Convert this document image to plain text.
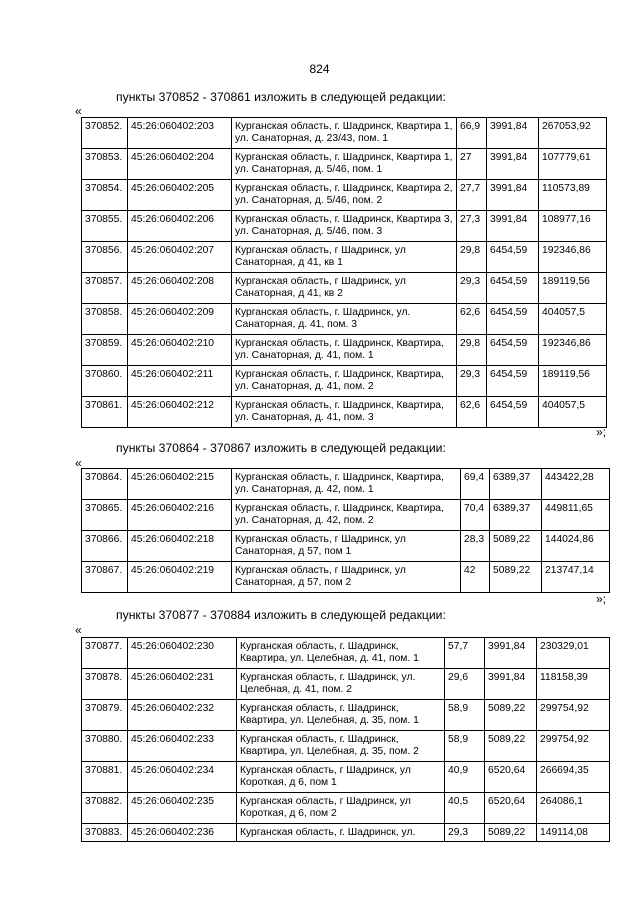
824
пункты 370852 - 370861 изложить в следующей редакции:
«
370852.	45:26:060402:203	Курганская область, г. Шадринск, Квартира 1, ул. Санаторная, д. 23/43, пом. 1	66,9	3991,84	267053,92
370853.	45:26:060402:204	Курганская область, г. Шадринск, Квартира 1, ул. Санаторная, д. 5/46, пом. 1	27	3991,84	107779,61
370854.	45:26:060402:205	Курганская область, г. Шадринск, Квартира 2, ул. Санаторная, д. 5/46, пом. 2	27,7	3991,84	110573,89
370855.	45:26:060402:206	Курганская область, г. Шадринск, Квартира 3, ул. Санаторная, д. 5/46, пом. 3	27,3	3991,84	108977,16
370856.	45:26:060402:207	Курганская область, г Шадринск, ул Санаторная, д 41, кв 1	29,8	6454,59	192346,86
370857.	45:26:060402:208	Курганская область, г Шадринск, ул Санаторная, д 41, кв 2	29,3	6454,59	189119,56
370858.	45:26:060402:209	Курганская область, г. Шадринск, ул. Санаторная, д. 41, пом. 3	62,6	6454,59	404057,5
370859.	45:26:060402:210	Курганская область, г. Шадринск, Квартира, ул. Санаторная, д. 41, пом. 1	29,8	6454,59	192346,86
370860.	45:26:060402:211	Курганская область, г. Шадринск, Квартира, ул. Санаторная, д. 41, пом. 2	29,3	6454,59	189119,56
370861.	45:26:060402:212	Курганская область, г. Шадринск, Квартира, ул. Санаторная, д. 41, пом. 3	62,6	6454,59	404057,5
»;
пункты 370864 - 370867 изложить в следующей редакции:
«
370864.	45:26:060402:215	Курганская область, г. Шадринск, Квартира, ул. Санаторная, д. 42, пом. 1	69,4	6389,37	443422,28
370865.	45:26:060402:216	Курганская область, г. Шадринск, Квартира, ул. Санаторная, д. 42, пом. 2	70,4	6389,37	449811,65
370866.	45:26:060402:218	Курганская область, г Шадринск, ул Санаторная, д 57, пом 1	28,3	5089,22	144024,86
370867.	45:26:060402:219	Курганская область, г Шадринск, ул Санаторная, д 57, пом 2	42	5089,22	213747,14
»;
пункты 370877 - 370884 изложить в следующей редакции:
«
370877.	45:26:060402:230	Курганская область, г. Шадринск, Квартира, ул. Целебная, д. 41, пом. 1	57,7	3991,84	230329,01
370878.	45:26:060402:231	Курганская область, г. Шадринск, ул. Целебная, д. 41, пом. 2	29,6	3991,84	118158,39
370879.	45:26:060402:232	Курганская область, г. Шадринск, Квартира, ул. Целебная, д. 35, пом. 1	58,9	5089,22	299754,92
370880.	45:26:060402:233	Курганская область, г. Шадринск, Квартира, ул. Целебная, д. 35, пом. 2	58,9	5089,22	299754,92
370881.	45:26:060402:234	Курганская область, г Шадринск, ул Короткая, д 6, пом 1	40,9	6520,64	266694,35
370882.	45:26:060402:235	Курганская область, г Шадринск, ул Короткая, д 6, пом 2	40,5	6520,64	264086,1
370883.	45:26:060402:236	Курганская область, г. Шадринск, ул.	29,3	5089,22	149114,08
